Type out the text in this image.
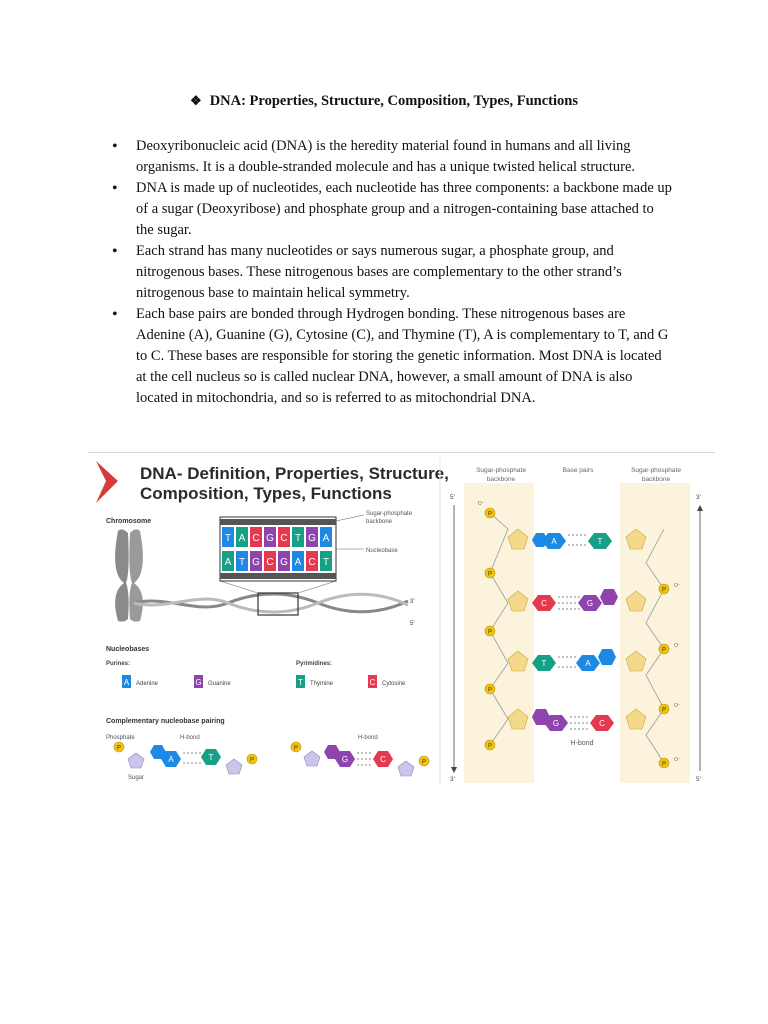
❖ DNA: Properties, Structure, Composition, Types, Functions
• Deoxyribonucleic acid (DNA) is the heredity material found in humans and all living organisms. It is a double-stranded molecule and has a unique twisted helical structure.
• DNA is made up of nucleotides, each nucleotide has three components: a backbone made up of a sugar (Deoxyribose) and phosphate group and a nitrogen-containing base attached to the sugar.
• Each strand has many nucleotides or says numerous sugar, a phosphate group, and nitrogenous bases. These nitrogenous bases are complementary to the other strand’s nitrogenous base to maintain helical symmetry.
• Each base pairs are bonded through Hydrogen bonding. These nitrogenous bases are Adenine (A), Guanine (G), Cytosine (C), and Thymine (T), A is complementary to T, and G to C. These bases are responsible for storing the genetic information. Most DNA is located at the cell nucleus so is called nuclear DNA, however, a small amount of DNA is also located in mitochondria, and so is referred to as mitochondrial DNA.
DNA- Definition, Properties, Structure,
Composition, Types, Functions
Chromosome
3'
5'
T A C G C T G A
A T G C G A C T
Sugar-phosphate
backbone
Nucleobase
Nucleobases
Purines:	Pyrimidines:
A Adenine	G Guanine	T Thymine	C Cytosine
Complementary nucleobase pairing
Phosphate	H-bond
Sugar
P
A	T	P
H-bond
P
G	C	P
Sugar-phosphate
backbone
Base pairs	Sugar-phosphate
backbone
5'
3'
3'
5'
P
P
P
P
P
P
P
P
P
O⁻
O⁻
O⁻
O⁻
O⁻
A	T
C	G
T	A
G	C
H-bond
